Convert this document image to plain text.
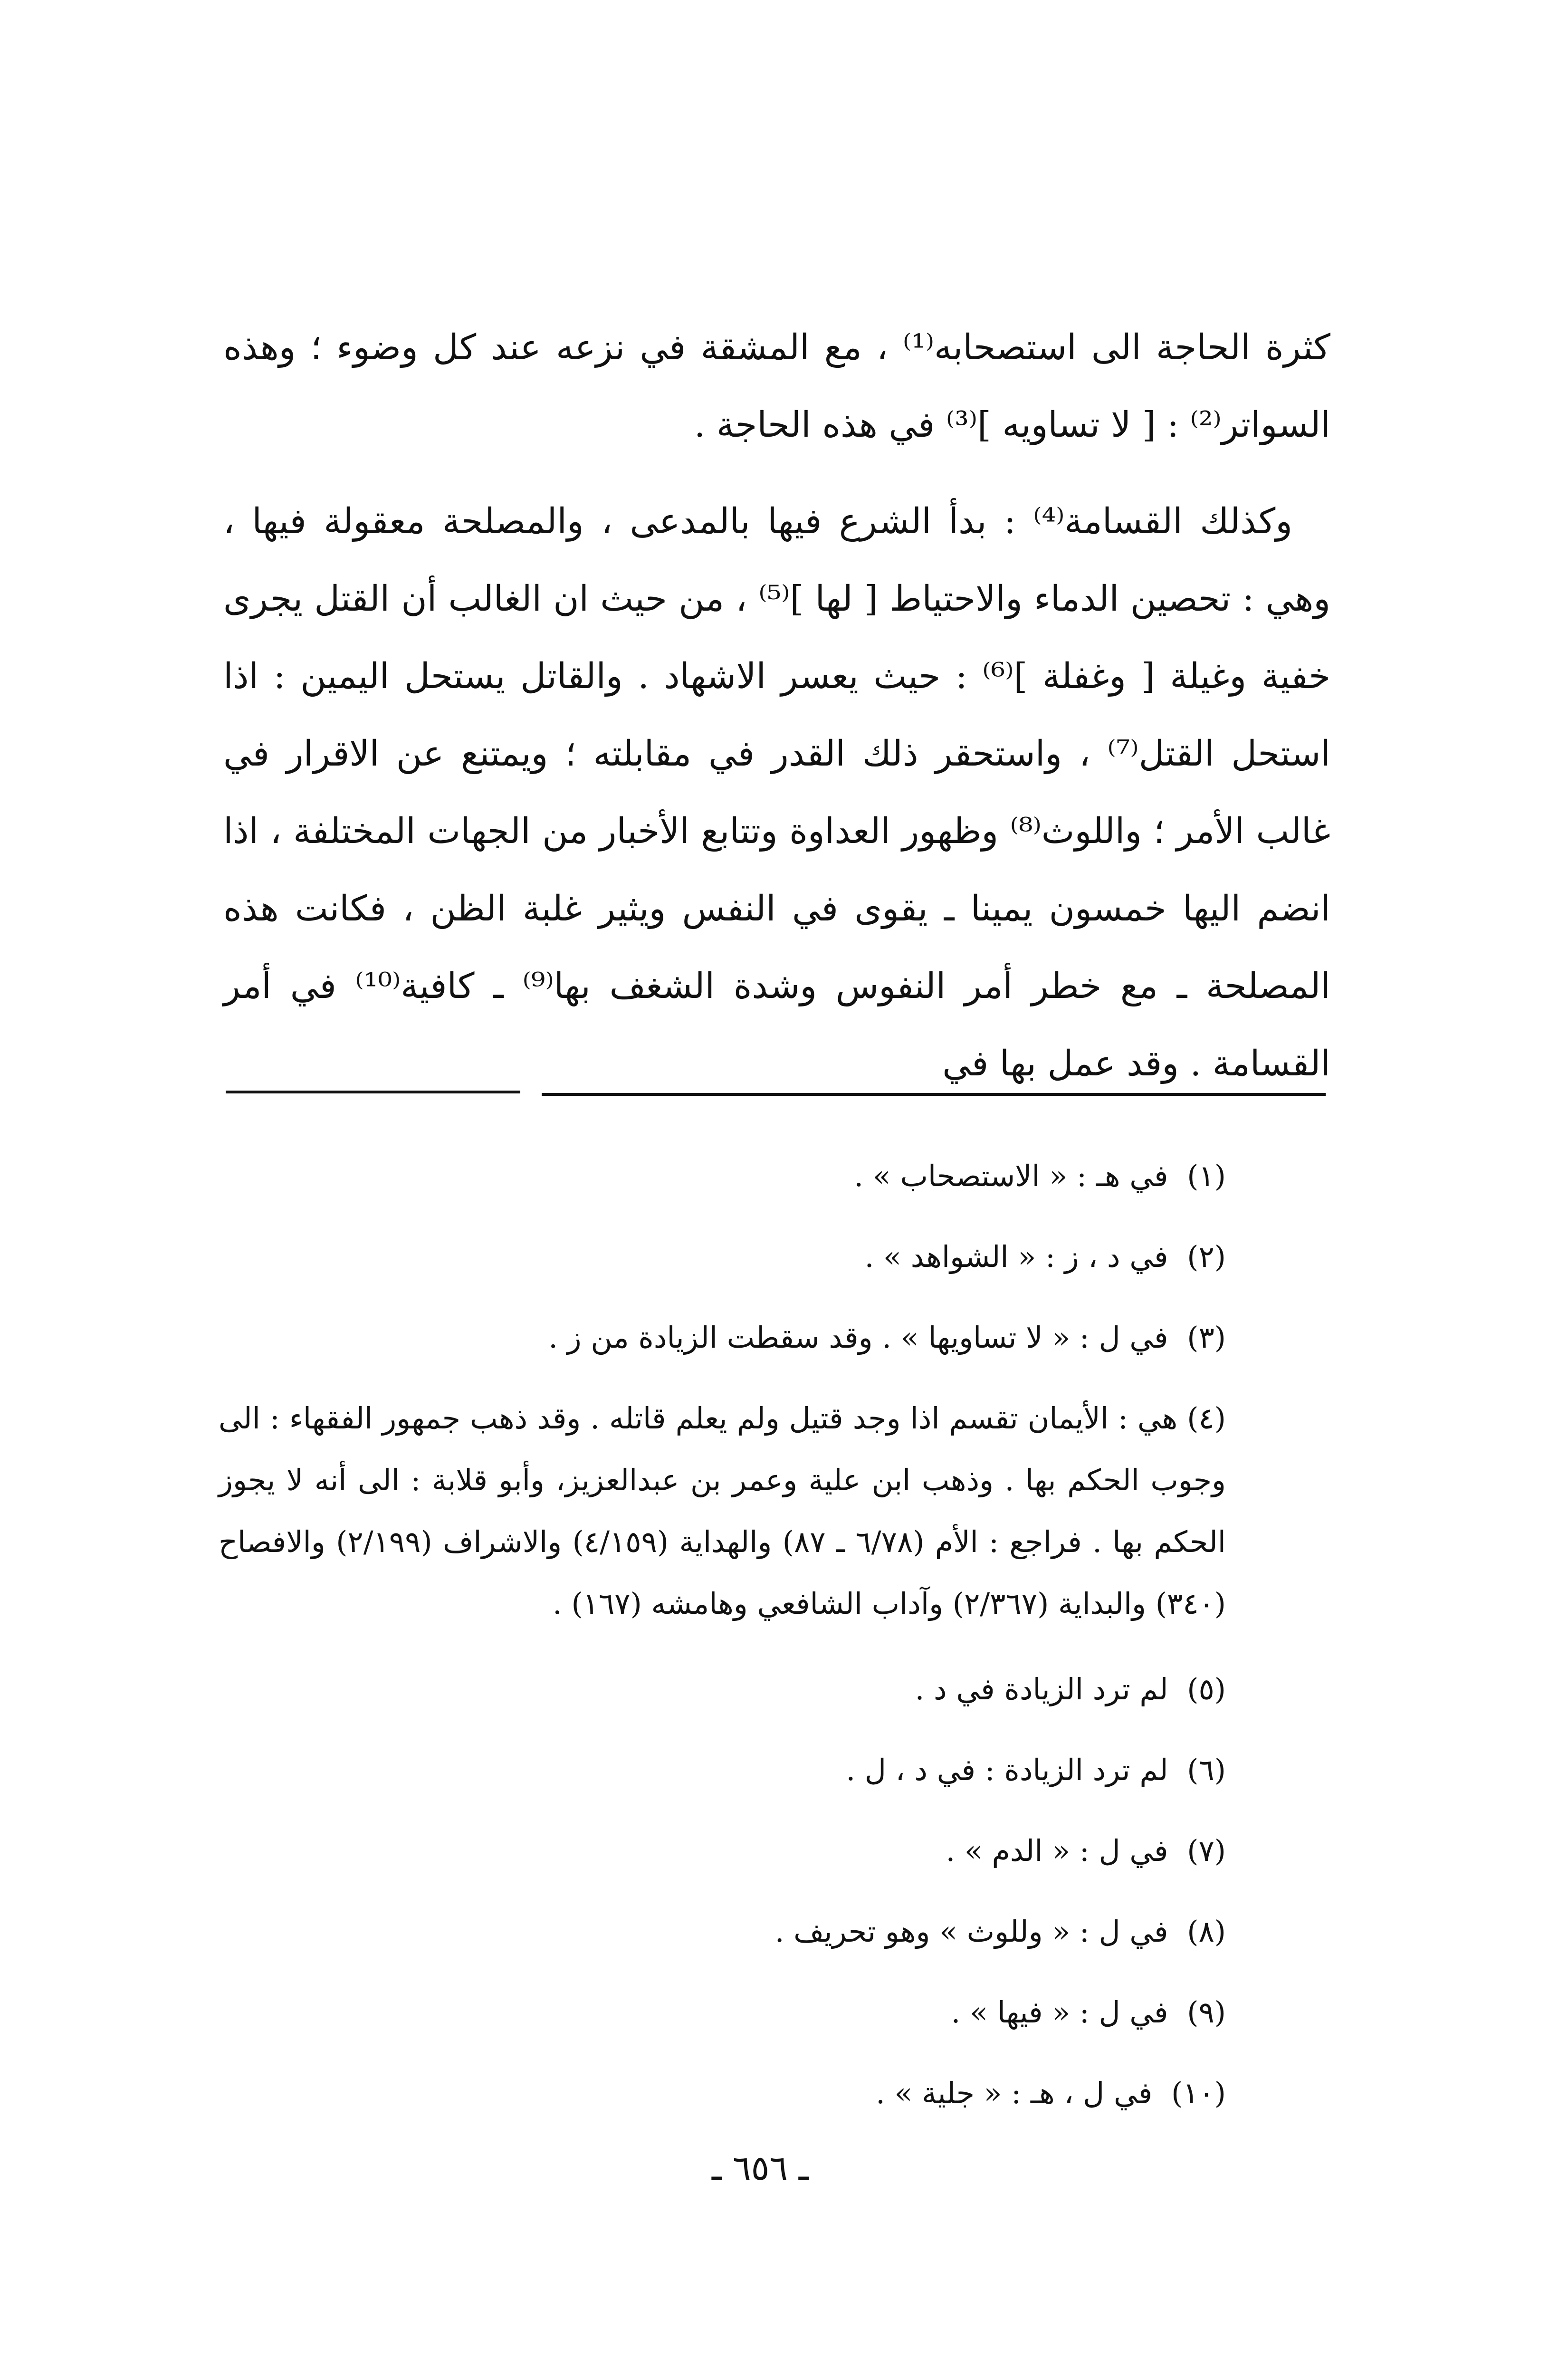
كثرة الحاجة الى استصحابه⁽¹⁾ ، مع المشقة في نزعه عند كل وضوء ؛ وهذه السواتر⁽²⁾ : [ لا تساويه ]⁽³⁾ في هذه الحاجة .

وكذلك القسامة⁽⁴⁾ : بدأ الشرع فيها بالمدعى ، والمصلحة معقولة فيها ، وهي : تحصين الدماء والاحتياط [ لها ]⁽⁵⁾ ، من حيث ان الغالب أن القتل يجرى خفية وغيلة [ وغفلة ]⁽⁶⁾ : حيث يعسر الاشهاد . والقاتل يستحل اليمين : اذا استحل القتل⁽⁷⁾ ، واستحقر ذلك القدر في مقابلته ؛ ويمتنع عن الاقرار في غالب الأمر ؛ واللوث⁽⁸⁾ وظهور العداوة وتتابع الأخبار من الجهات المختلفة ، اذا انضم اليها خمسون يمينا ـ يقوى في النفس ويثير غلبة الظن ، فكانت هذه المصلحة ـ مع خطر أمر النفوس وشدة الشغف بها⁽⁹⁾ ـ كافية⁽¹⁰⁾ في أمر القسامة . وقد عمل بها في

(١) في هـ : « الاستصحاب » .
(٢) في د ، ز : « الشواهد » .
(٣) في ل : « لا تساويها » . وقد سقطت الزيادة من ز .

(٤) هي : الأيمان تقسم اذا وجد قتيل ولم يعلم قاتله . وقد ذهب جمهور الفقهاء : الى وجوب الحكم بها . وذهب ابن علية وعمر بن عبدالعزيز، وأبو قلابة : الى أنه لا يجوز الحكم بها . فراجع : الأم (٦/٧٨ ـ ٨٧) والهداية (٤/١٥٩) والاشراف (٢/١٩٩) والافصاح (٣٤٠) والبداية (٢/٣٦٧) وآداب الشافعي وهامشه (١٦٧) .

(٥) لم ترد الزيادة في د .
(٦) لم ترد الزيادة : في د ، ل .
(٧) في ل : « الدم » .
(٨) في ل : « وللوث » وهو تحريف .
(٩) في ل : « فيها » .
(١٠) في ل ، هـ : « جلية » .
ـ ٦٥٦ ـ
